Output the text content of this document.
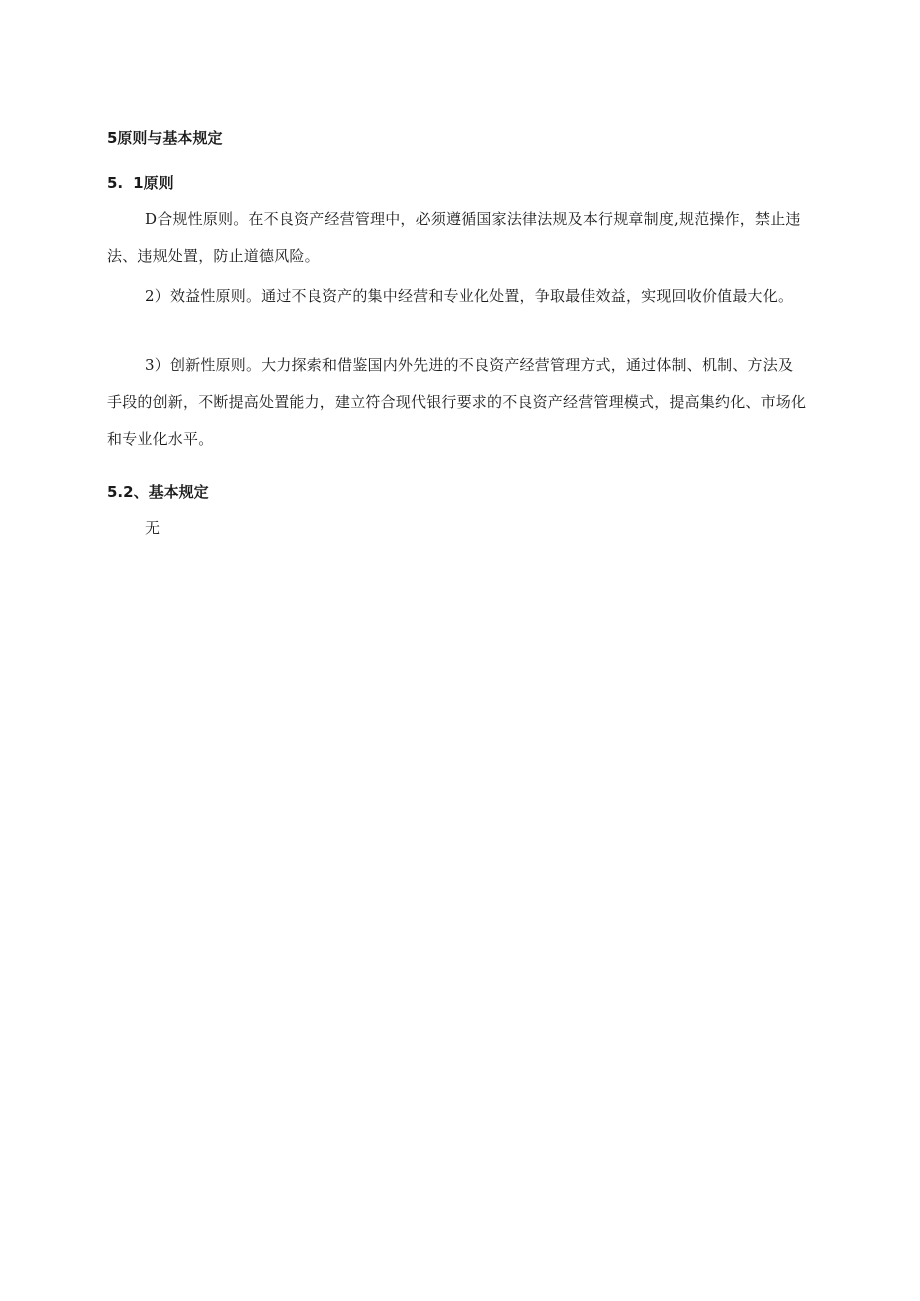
5原则与基本规定
5. 1原则

D合规性原则。在不良资产经营管理中，必须遵循国家法律法规及本行规章制度,规范操作，禁止违法、违规处置，防止道德风险。

2）效益性原则。通过不良资产的集中经营和专业化处置，争取最佳效益，实现回收价值最大化。

3）创新性原则。大力探索和借鉴国内外先进的不良资产经营管理方式，通过体制、机制、方法及手段的创新，不断提高处置能力，建立符合现代银行要求的不良资产经营管理模式，提高集约化、市场化和专业化水平。

5.2、基本规定

无
